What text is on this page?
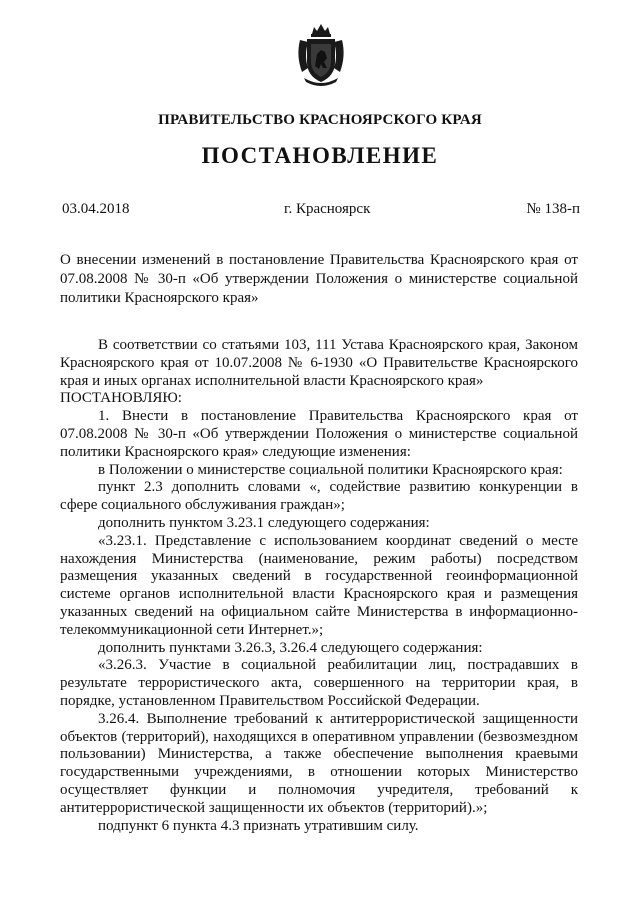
ПРАВИТЕЛЬСТВО КРАСНОЯРСКОГО КРАЯ
ПОСТАНОВЛЕНИЕ
03.04.2018	г. Красноярск	№ 138-п
О внесении изменений в постановление Правительства Красноярского края от 07.08.2008 № 30-п «Об утверждении Положения о министерстве социальной политики Красноярского края»

В соответствии со статьями 103, 111 Устава Красноярского края, Законом Красноярского края от 10.07.2008 № 6-1930 «О Правительстве Красноярского края и иных органах исполнительной власти Красноярского края»

ПОСТАНОВЛЯЮ:

1. Внести в постановление Правительства Красноярского края от 07.08.2008 № 30-п «Об утверждении Положения о министерстве социальной политики Красноярского края» следующие изменения:

в Положении о министерстве социальной политики Красноярского края:

пункт 2.3 дополнить словами «, содействие развитию конкуренции в сфере социального обслуживания граждан»;

дополнить пунктом 3.23.1 следующего содержания:

«3.23.1. Представление с использованием координат сведений о месте нахождения Министерства (наименование, режим работы) посредством размещения указанных сведений в государственной геоинформационной системе органов исполнительной власти Красноярского края и размещения указанных сведений на официальном сайте Министерства в информационно-телекоммуникационной сети Интернет.»;

дополнить пунктами 3.26.3, 3.26.4 следующего содержания:

«3.26.3. Участие в социальной реабилитации лиц, пострадавших в результате террористического акта, совершенного на территории края, в порядке, установленном Правительством Российской Федерации.

3.26.4. Выполнение требований к антитеррористической защищенности объектов (территорий), находящихся в оперативном управлении (безвозмездном пользовании) Министерства, а также обеспечение выполнения краевыми государственными учреждениями, в отношении которых Министерство осуществляет функции и полномочия учредителя, требований к антитеррористической защищенности их объектов (территорий).»;

подпункт 6 пункта 4.3 признать утратившим силу.
